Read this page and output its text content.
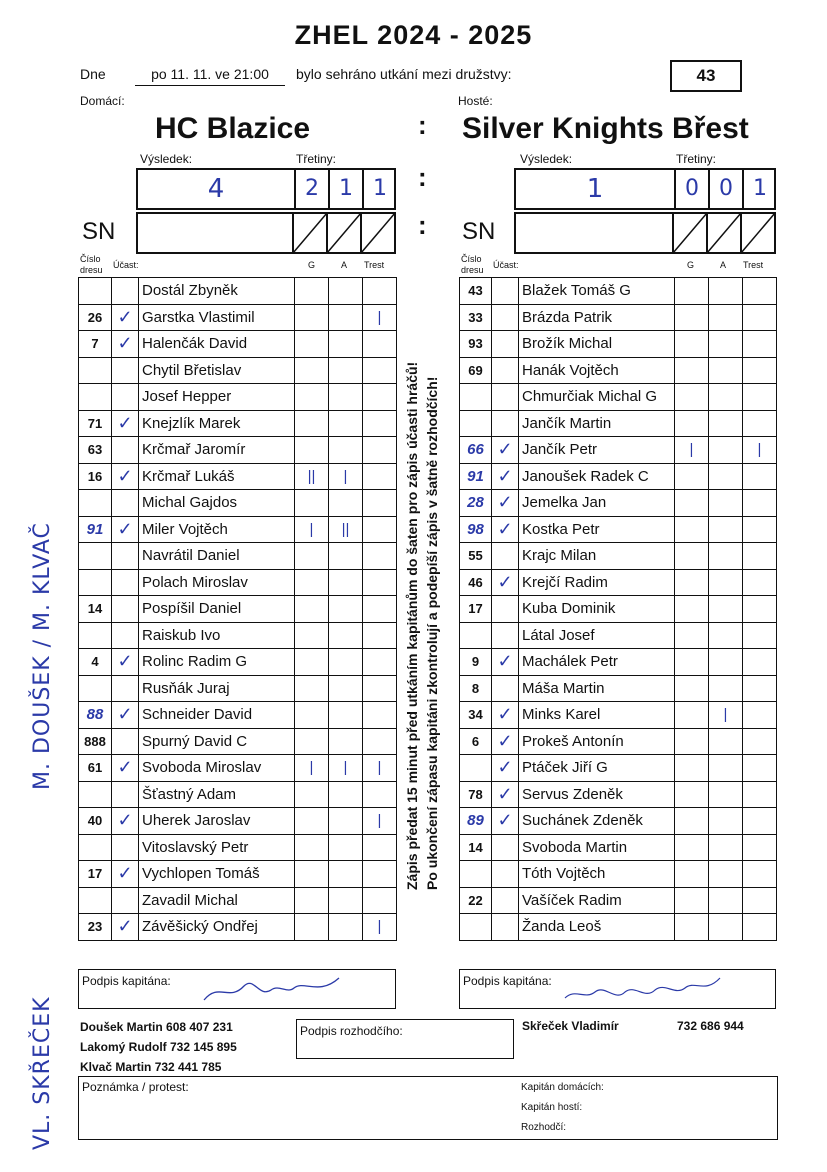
ZHEL 2024 - 2025
Dne	po 11. 11. ve 21:00	bylo sehráno utkání mezi družstvy:	43
Domácí:	Hosté:
HC Blazice	Silver Knights Břest
:
:
:
Výsledek:	Třetiny:
4	2 1 1
Výsledek:	Třetiny:
1	0 0 1
SN	SN
Číslo dresu	Účast:	G	A Trest
Číslo dresu	Účast:	G	A Trest
		Dostál Zbyněk			
26	✓	Garstka Vlastimil			|
7	✓	Halenčák David			
		Chytil Břetislav			
		Josef Hepper			
71	✓	Knejzlík Marek			
63		Krčmař Jaromír			
16	✓	Krčmař Lukáš	||	|	
		Michal Gajdos			
91	✓	Miler Vojtěch	|	||	
		Navrátil Daniel			
		Polach Miroslav			
14		Pospíšil Daniel			
		Raiskub Ivo			
4	✓	Rolinc Radim G			
		Rusňák Juraj			
88	✓	Schneider David			
888		Spurný David C			
61	✓	Svoboda Miroslav	|	|	|
		Šťastný Adam			
40	✓	Uherek Jaroslav			|
		Vitoslavský Petr			
17	✓	Vychlopen Tomáš			
		Zavadil Michal			
23	✓	Závěšický Ondřej			|
43		Blažek Tomáš G			
33		Brázda Patrik			
93		Brožík Michal			
69		Hanák Vojtěch			
		Chmurčiak Michal G			
		Jančík Martin			
66	✓	Jančík Petr	|		|
91	✓	Janoušek Radek C			
28	✓	Jemelka Jan			
98	✓	Kostka Petr			
55		Krajc Milan			
46	✓	Krejčí Radim			
17		Kuba Dominik			
		Látal Josef			
9	✓	Machálek Petr			
8		Máša Martin			
34	✓	Minks Karel		|	
6	✓	Prokeš Antonín			
	✓	Ptáček Jiří G			
78	✓	Servus Zdeněk			
89	✓	Suchánek Zdeněk			
14		Svoboda Martin			
		Tóth Vojtěch			
22		Vašíček Radim			
		Žanda Leoš			
Zápis předat 15 minut před utkáním kapitánům do šaten pro zápis účasti hráčů! Po ukončení zápasu kapitáni zkontrolují a podepíší zápis v šatně rozhodčích!
M. DOUŠEK / M. KLVAČ
VL. SKŘEČEK
Podpis kapitána:	Podpis kapitána:
Doušek Martin 608 407 231
Lakomý Rudolf 732 145 895
Klvač Martin 732 441 785
Podpis rozhodčího:	Skřeček Vladimír	732 686 944
Poznámka / protest:	Kapitán domácích:
Kapitán hostí:
Rozhodčí:
